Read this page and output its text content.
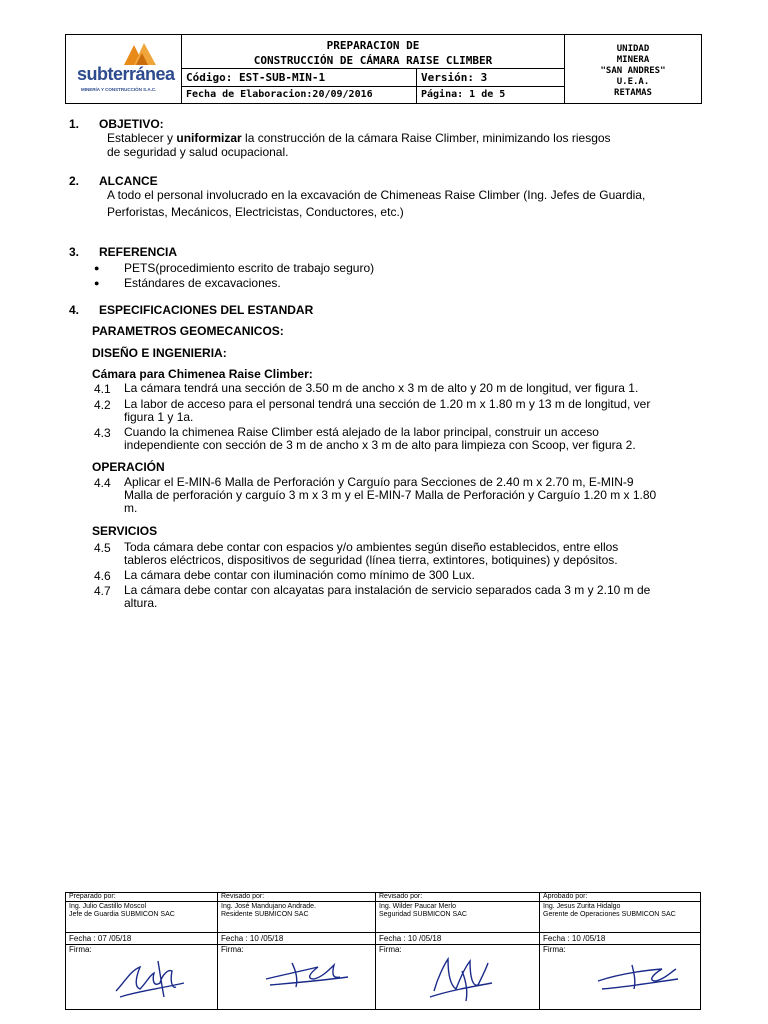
subterránea
MINERÍA Y CONSTRUCCIÓN S.A.C.
PREPARACION DE
CONSTRUCCIÓN DE CÁMARA RAISE CLIMBER
Código: EST-SUB-MIN-1	Versión: 3
Fecha de Elaboracion:20/09/2016	Página: 1 de 5
UNIDAD
MINERA
"SAN ANDRES"
U.E.A.
RETAMAS
1. OBJETIVO:
Establecer y uniformizar la construcción de la cámara Raise Climber, minimizando los riesgos
de seguridad y salud ocupacional.
2. ALCANCE
A todo el personal involucrado en la excavación de Chimeneas Raise Climber (Ing. Jefes de Guardia,
Perforistas, Mecánicos, Electricistas, Conductores, etc.)
3. REFERENCIA
● PETS(procedimiento escrito de trabajo seguro)
● Estándares de excavaciones.
4. ESPECIFICACIONES DEL ESTANDAR
PARAMETROS GEOMECANICOS:
DISEÑO E INGENIERIA:
Cámara para Chimenea Raise Climber:
4.1 La cámara tendrá una sección de 3.50 m de ancho x 3 m de alto y 20 m de longitud, ver figura 1.
4.2 La labor de acceso para el personal tendrá una sección de 1.20 m x 1.80 m y 13 m de longitud, ver
figura 1 y 1a.
4.3 Cuando la chimenea Raise Climber está alejado de la labor principal, construir un acceso
independiente con sección de 3 m de ancho x 3 m de alto para limpieza con Scoop, ver figura 2.
OPERACIÓN
4.4 Aplicar el E-MIN-6 Malla de Perforación y Carguío para Secciones de 2.40 m x 2.70 m, E-MIN-9
Malla de perforación y carguío 3 m x 3 m y el E-MIN-7 Malla de Perforación y Carguío 1.20 m x 1.80
m.
SERVICIOS
4.5 Toda cámara debe contar con espacios y/o ambientes según diseño establecidos, entre ellos
tableros eléctricos, dispositivos de seguridad (línea tierra, extintores, botiquines) y depósitos.
4.6 La cámara debe contar con iluminación como mínimo de 300 Lux.
4.7 La cámara debe contar con alcayatas para instalación de servicio separados cada 3 m y 2.10 m de
altura.
Preparado por:
Ing. Julio Castillo Moscol
Jefe de Guardia SUBMICON SAC
Fecha : 07 /05/18
Firma:
Revisado por:
Ing. José Mandujano Andrade.
Residente SUBMICON SAC
Fecha : 10 /05/18
Firma:
Revisado por:
Ing. Wilder Paucar Merlo
Seguridad SUBMICON SAC
Fecha : 10 /05/18
Firma:
Aprobado por:
Ing. Jesus Zurita Hidalgo
Gerente de Operaciones SUBMICON SAC
Fecha : 10 /05/18
Firma:
